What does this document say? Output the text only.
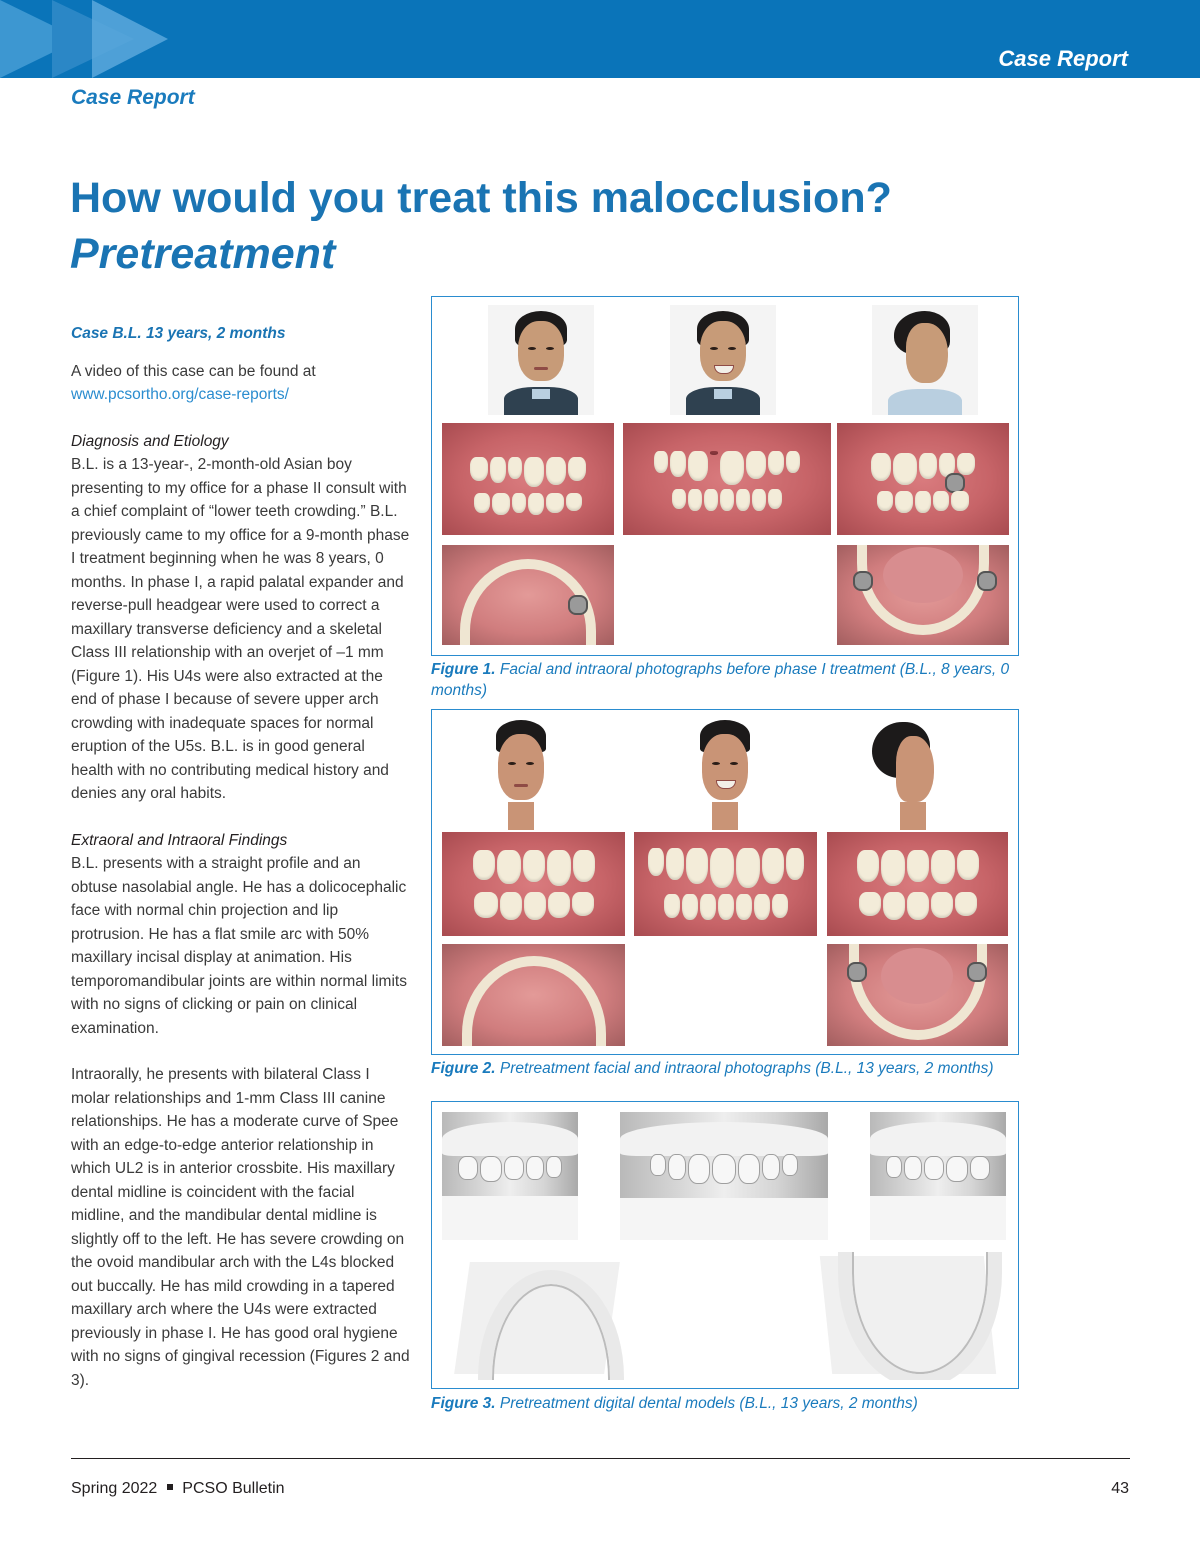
Case Report
Case Report
How would you treat this malocclusion?
Pretreatment

Case B.L. 13 years, 2 months

A video of this case can be found at www.pcsortho.org/case-reports/

Diagnosis and Etiology

B.L. is a 13-year-, 2-month-old Asian boy presenting to my office for a phase II consult with a chief complaint of “lower teeth crowding.” B.L. previously came to my office for a 9-month phase I treatment beginning when he was 8 years, 0 months. In phase I, a rapid palatal expander and reverse-pull headgear were used to correct a maxillary transverse deficiency and a skeletal Class III relationship with an overjet of –1 mm (Figure 1). His U4s were also extracted at the end of phase I because of severe upper arch crowding with inadequate spaces for normal eruption of the U5s. B.L. is in good general health with no contributing medical history and denies any oral habits.

Extraoral and Intraoral Findings

B.L. presents with a straight profile and an obtuse nasolabial angle. He has a dolicocephalic face with normal chin projection and lip protrusion. He has a flat smile arc with 50% maxillary incisal display at animation. His temporomandibular joints are within normal limits with no signs of clicking or pain on clinical examination.

Intraorally, he presents with bilateral Class I molar relationships and 1-mm Class III canine relationships. He has a moderate curve of Spee with an edge-to-edge anterior relationship in which UL2 is in anterior crossbite. His maxillary dental midline is coincident with the facial midline, and the mandibular dental midline is slightly off to the left. He has severe crowding on the ovoid mandibular arch with the L4s blocked out buccally. He has mild crowding in a tapered maxillary arch where the U4s were extracted previously in phase I. He has good oral hygiene with no signs of gingival recession (Figures 2 and 3).

Figure 1. Facial and intraoral photographs before phase I treatment (B.L., 8 years, 0 months)
Figure 2. Pretreatment facial and intraoral photographs (B.L., 13 years, 2 months)
Figure 3. Pretreatment digital dental models (B.L., 13 years, 2 months)
Spring 2022 PCSO Bulletin	43
